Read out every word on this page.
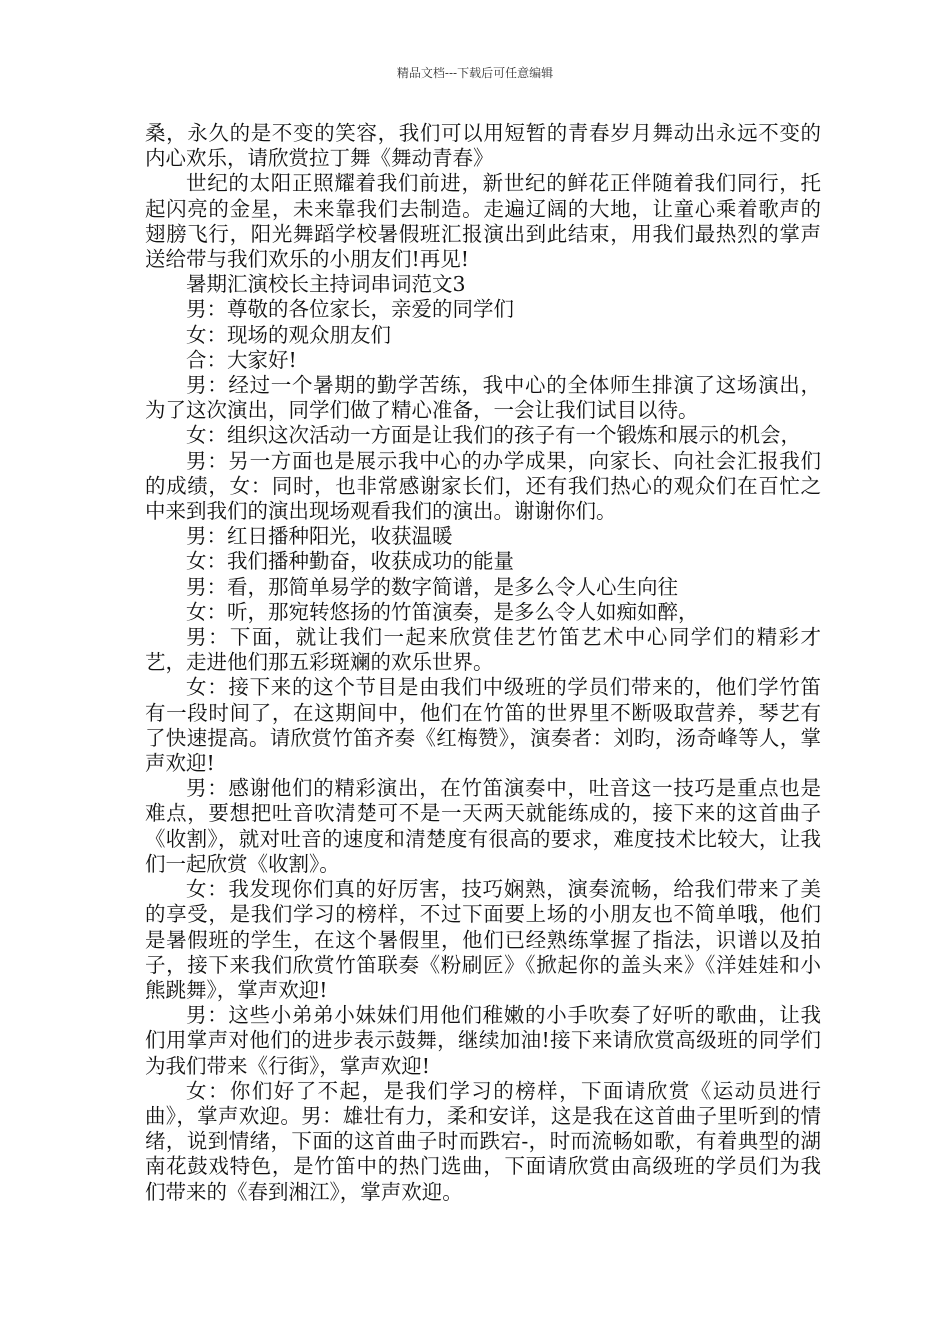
精品文档---下载后可任意编辑

桑，永久的是不变的笑容，我们可以用短暂的青春岁月舞动出永远不变的内心欢乐，请欣赏拉丁舞《舞动青春》

世纪的太阳正照耀着我们前进，新世纪的鲜花正伴随着我们同行，托起闪亮的金星，未来靠我们去制造。走遍辽阔的大地，让童心乘着歌声的翅膀飞行，阳光舞蹈学校暑假班汇报演出到此结束，用我们最热烈的掌声送给带与我们欢乐的小朋友们!再见!

暑期汇演校长主持词串词范文3

男：尊敬的各位家长，亲爱的同学们

女：现场的观众朋友们

合：大家好!

男：经过一个暑期的勤学苦练，我中心的全体师生排演了这场演出，为了这次演出，同学们做了精心准备，一会让我们试目以待。

女：组织这次活动一方面是让我们的孩子有一个锻炼和展示的机会，

男：另一方面也是展示我中心的办学成果，向家长、向社会汇报我们的成绩，女：同时，也非常感谢家长们，还有我们热心的观众们在百忙之中来到我们的演出现场观看我们的演出。谢谢你们。

男：红日播种阳光，收获温暖

女：我们播种勤奋，收获成功的能量

男：看，那简单易学的数字简谱，是多么令人心生向往

女：听，那宛转悠扬的竹笛演奏，是多么令人如痴如醉，

男：下面，就让我们一起来欣赏佳艺竹笛艺术中心同学们的精彩才艺，走进他们那五彩斑斓的欢乐世界。

女：接下来的这个节目是由我们中级班的学员们带来的，他们学竹笛有一段时间了，在这期间中，他们在竹笛的世界里不断吸取营养，琴艺有了快速提高。请欣赏竹笛齐奏《红梅赞》，演奏者：刘昀，汤奇峰等人，掌声欢迎!

男：感谢他们的精彩演出，在竹笛演奏中，吐音这一技巧是重点也是难点，要想把吐音吹清楚可不是一天两天就能练成的，接下来的这首曲子《收割》，就对吐音的速度和清楚度有很高的要求，难度技术比较大，让我们一起欣赏《收割》。

女：我发现你们真的好厉害，技巧娴熟，演奏流畅，给我们带来了美的享受，是我们学习的榜样，不过下面要上场的小朋友也不简单哦，他们是暑假班的学生，在这个暑假里，他们已经熟练掌握了指法，识谱以及拍子，接下来我们欣赏竹笛联奏《粉刷匠》《掀起你的盖头来》《洋娃娃和小熊跳舞》，掌声欢迎!

男：这些小弟弟小妹妹们用他们稚嫩的小手吹奏了好听的歌曲，让我们用掌声对他们的进步表示鼓舞，继续加油!接下来请欣赏高级班的同学们为我们带来《行街》，掌声欢迎!

女：你们好了不起，是我们学习的榜样，下面请欣赏《运动员进行曲》，掌声欢迎。男：雄壮有力，柔和安详，这是我在这首曲子里听到的情绪，说到情绪，下面的这首曲子时而跌宕-，时而流畅如歌，有着典型的湖南花鼓戏特色，是竹笛中的热门选曲，下面请欣赏由高级班的学员们为我们带来的《春到湘江》，掌声欢迎。
